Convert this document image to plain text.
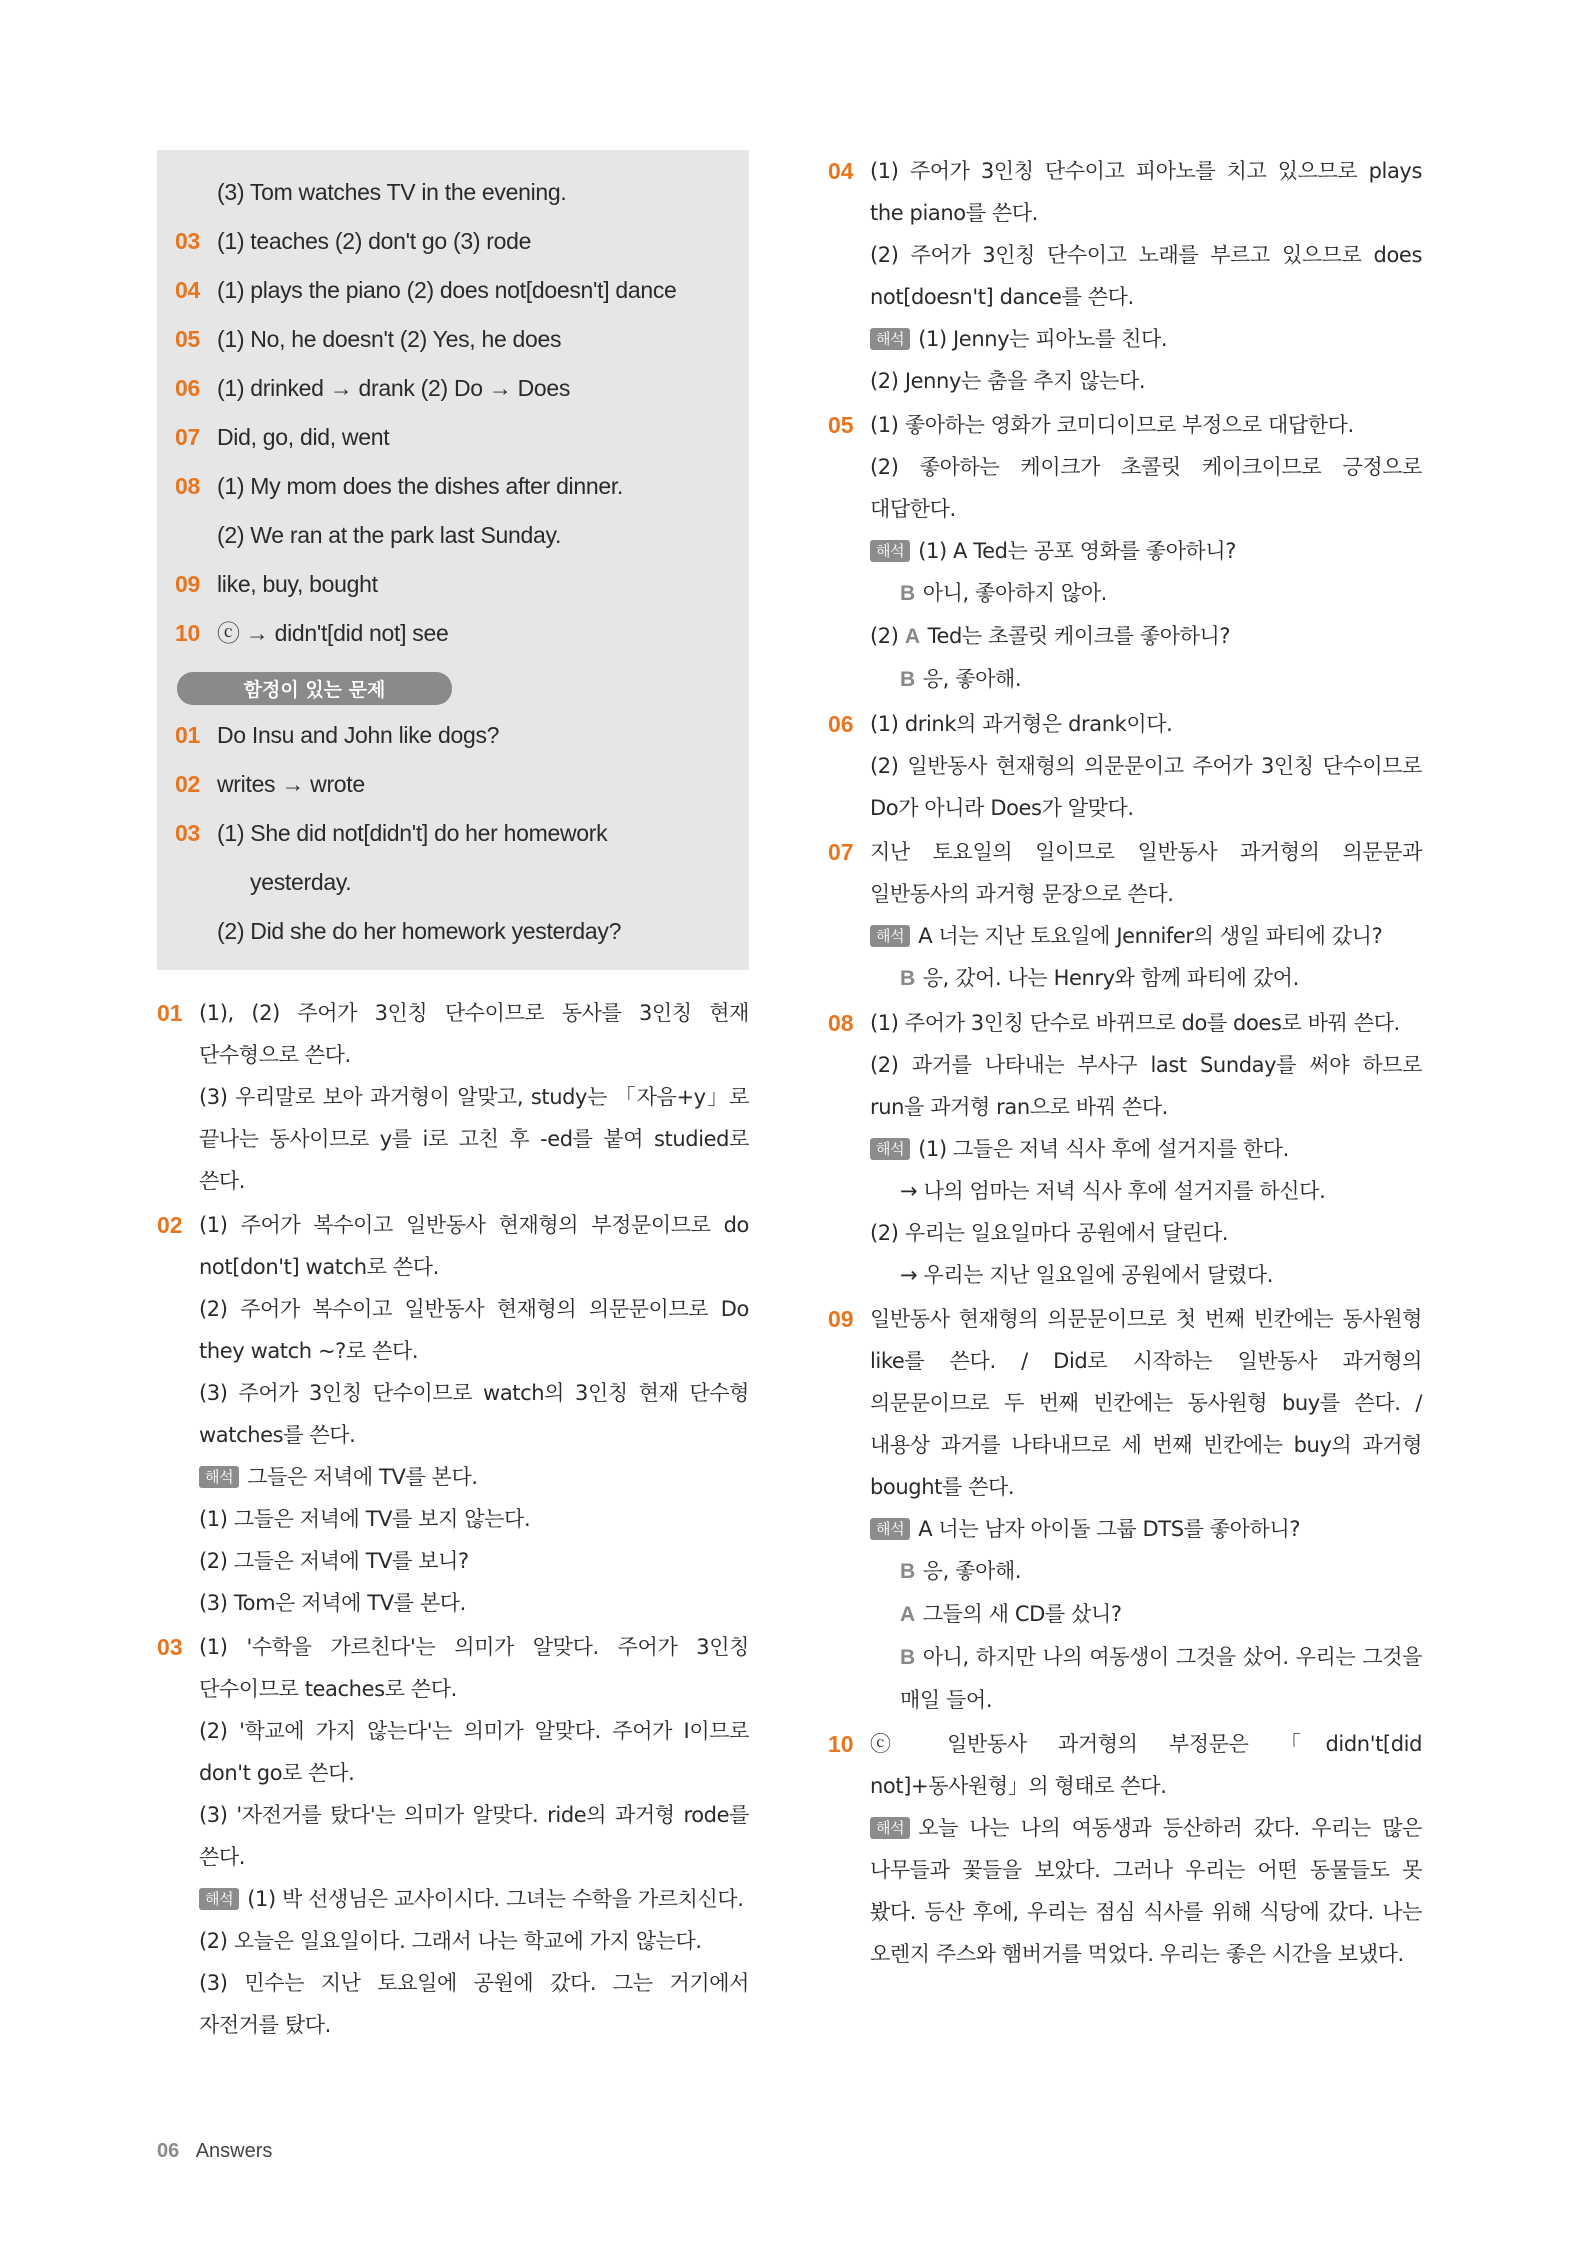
(3) Tom watches TV in the evening.
03 (1) teaches (2) don't go (3) rode
04 (1) plays the piano (2) does not[doesn't] dance
05 (1) No, he doesn't (2) Yes, he does
06 (1) drinked → drank (2) Do → Does
07 Did, go, did, went
08 (1) My mom does the dishes after dinner.
(2) We ran at the park last Sunday.
09 like, buy, bought
10 ⓒ → didn't[did not] see
함정이 있는 문제
01 Do Insu and John like dogs?
02 writes → wrote
03 (1) She did not[didn't] do her homework
yesterday.
(2) Did she do her homework yesterday?
01 (1), (2) 주어가 3인칭 단수이므로 동사를 3인칭 현재 단수형으로 쓴다.
(3) 우리말로 보아 과거형이 알맞고, study는 「자음+y」로 끝나는 동사이므로 y를 i로 고친 후 -ed를 붙여 studied로 쓴다.
02 (1) 주어가 복수이고 일반동사 현재형의 부정문이므로 do not[don't] watch로 쓴다.
(2) 주어가 복수이고 일반동사 현재형의 의문문이므로 Do they watch ~?로 쓴다.
(3) 주어가 3인칭 단수이므로 watch의 3인칭 현재 단수형 watches를 쓴다.
해석 그들은 저녁에 TV를 본다.
(1) 그들은 저녁에 TV를 보지 않는다.
(2) 그들은 저녁에 TV를 보니?
(3) Tom은 저녁에 TV를 본다.
03 (1) '수학을 가르친다'는 의미가 알맞다. 주어가 3인칭 단수이므로 teaches로 쓴다.
(2) '학교에 가지 않는다'는 의미가 알맞다. 주어가 I이므로 don't go로 쓴다.
(3) '자전거를 탔다'는 의미가 알맞다. ride의 과거형 rode를 쓴다.
해석 (1) 박 선생님은 교사이시다. 그녀는 수학을 가르치신다.
(2) 오늘은 일요일이다. 그래서 나는 학교에 가지 않는다.
(3) 민수는 지난 토요일에 공원에 갔다. 그는 거기에서 자전거를 탔다.
04 (1) 주어가 3인칭 단수이고 피아노를 치고 있으므로 plays the piano를 쓴다.
(2) 주어가 3인칭 단수이고 노래를 부르고 있으므로 does not[doesn't] dance를 쓴다.
해석 (1) Jenny는 피아노를 친다.
(2) Jenny는 춤을 추지 않는다.
05 (1) 좋아하는 영화가 코미디이므로 부정으로 대답한다.
(2) 좋아하는 케이크가 초콜릿 케이크이므로 긍정으로 대답한다.
해석 (1) A Ted는 공포 영화를 좋아하니?
B 아니, 좋아하지 않아.
(2) A Ted는 초콜릿 케이크를 좋아하니?
B 응, 좋아해.
06 (1) drink의 과거형은 drank이다.
(2) 일반동사 현재형의 의문문이고 주어가 3인칭 단수이므로 Do가 아니라 Does가 알맞다.
07 지난 토요일의 일이므로 일반동사 과거형의 의문문과 일반동사의 과거형 문장으로 쓴다.
해석 A 너는 지난 토요일에 Jennifer의 생일 파티에 갔니?
B 응, 갔어. 나는 Henry와 함께 파티에 갔어.
08 (1) 주어가 3인칭 단수로 바뀌므로 do를 does로 바꿔 쓴다.
(2) 과거를 나타내는 부사구 last Sunday를 써야 하므로 run을 과거형 ran으로 바꿔 쓴다.
해석 (1) 그들은 저녁 식사 후에 설거지를 한다.
→ 나의 엄마는 저녁 식사 후에 설거지를 하신다.
(2) 우리는 일요일마다 공원에서 달린다.
→ 우리는 지난 일요일에 공원에서 달렸다.
09 일반동사 현재형의 의문문이므로 첫 번째 빈칸에는 동사원형 like를 쓴다. / Did로 시작하는 일반동사 과거형의 의문문이므로 두 번째 빈칸에는 동사원형 buy를 쓴다. / 내용상 과거를 나타내므로 세 번째 빈칸에는 buy의 과거형 bought를 쓴다.
해석 A 너는 남자 아이돌 그룹 DTS를 좋아하니?
B 응, 좋아해.
A 그들의 새 CD를 샀니?
B 아니, 하지만 나의 여동생이 그것을 샀어. 우리는 그것을 매일 들어.
10 ⓒ 일반동사 과거형의 부정문은 「didn't[did not]+동사원형」의 형태로 쓴다.
해석 오늘 나는 나의 여동생과 등산하러 갔다. 우리는 많은 나무들과 꽃들을 보았다. 그러나 우리는 어떤 동물들도 못 봤다. 등산 후에, 우리는 점심 식사를 위해 식당에 갔다. 나는 오렌지 주스와 햄버거를 먹었다. 우리는 좋은 시간을 보냈다.
06 Answers
